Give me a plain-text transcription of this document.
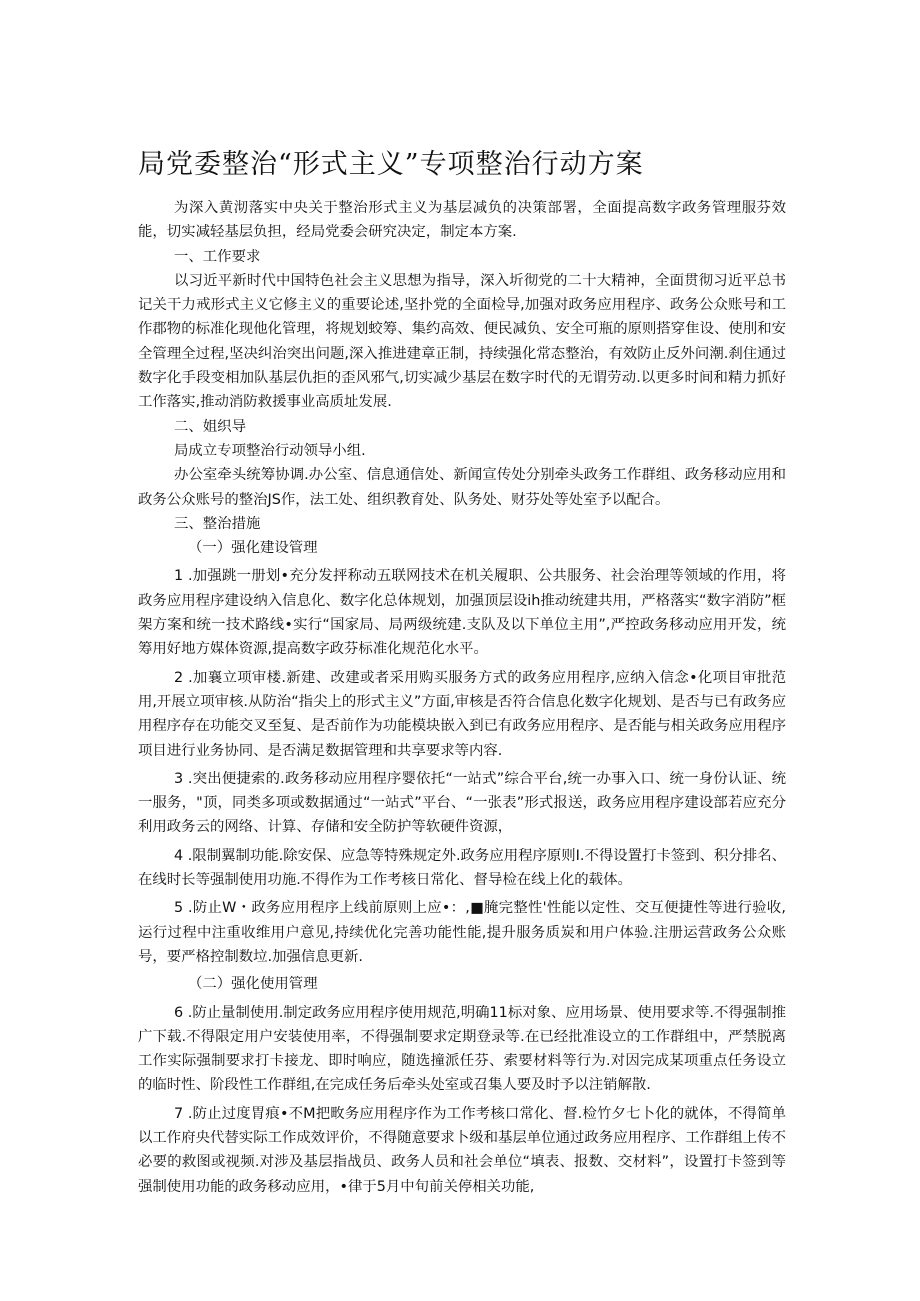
局党委整治“形式主义”专项整治行动方案

为深入黄沏落实中央关于整治形式主义为基层减负的决策部署，全面提高数字政务管理服芬效能，切实减轻基层负担，经局党委会研究决定，制定本方案.

一、工作要求

以习近平新时代中国特色社会主义思想为指导，深入圻彻党的二十大精神，全面贯彻习近平总书记关干力戒形式主义它修主义的重要论述,坚扑党的全面检导,加强对政务应用程序、政务公众账号和工作郡物的标准化现他化管理，将规划蛟筹、集约高效、便民减负、安全可瓶的原则搭穿隹设、使刖和安全管理全过程,坚决纠治突出问题,深入推进建章正制，持续强化常态整治，有效防止反外问潮.刹住通过数字化手段变相加队基层仇拒的歪风邪气,切实减少基层在数字时代的无谓劳动.以更多时间和精力抓好工作落实,推动消防救援事业高质址发展.

二、姐织导

局成立专项整治行动领导小组.

办公室牵头统筹协调.办公室、信息通信处、新闻宣传处分别牵头政务工作群组、政务移动应用和政务公众账号的整治JS作，法工处、组织教育处、队务处、财芬处等处室予以配合。

三、整治措施

（一）强化建设管理

1 .加强跳一册划•充分发抨称动五联网技术在机关履职、公共服务、社会治理等领域的作用，将政务应用程序建设纳入信息化、数字化总体规划，加强顶层设ih推动统建共用，严格落实“数字消防”框架方案和统一技术路线•实行“国家局、局两级统建.支队及以下单位主用”,严控政务移动应用开发，统筹用好地方媒体资源,提高数字政芬标准化规范化水平。

2 .加襄立项审楼.新建、改建或者采用购买服务方式的政务应用程序,应纳入信念•化项目审批范用,开展立项审核.从防治“指尖上的形式主义”方面,审核是否符合信息化数字化规划、是否与已有政务应用程序存在功能交叉至复、是否前作为功能模块嵌入到已有政务应用程序、是否能与相关政务应用程序项目进行业务协同、是否满足数据管理和共享要求等内容.

3 .突出便捷索的.政务移动应用程序婴依托“一站式”综合平台,统一办事入口、统一身份认证、统一服务，"顶，同类多项或数据通过“一站式”平台、“一张表”形式报送，政务应用程序建设部若应充分利用政务云的网络、计算、存储和安全防护等软硬件资源，

4 .限制翼制功能.除安保、应急等特殊规定外.政务应用程序原则I.不得设置打卡签到、积分排名、在线时长等强制使用功施.不得作为工作考核日常化、督导检在线上化的载体。

5 .防止W・政务应用程序上线前原则上应•：,■腌完整性'性能以定性、交互便捷性等进行验收,运行过程中注重收维用户意见,持续优化完善功能性能,提升服务质炭和用户体验.注册运营政务公众账号，要严格控制数垃.加强信息更新.

（二）强化使用管理

6 .防止量制使用.制定政务应用程序使用规范,明确11标对象、应用场景、使用要求等.不得强制推广下载.不得限定用户安装使用率，不得强制要求定期登录等.在已经批准设立的工作群组中，严禁脱离工作实际强制要求打卡接龙、即时响应，随选撞派任芬、索要材料等行为.对因完成某项重点任务设立的临时性、阶段性工作群组,在完成任务后牵头处室或召集人要及时予以注销解散.

7 .防止过度胃痕•不M把畋务应用程序作为工作考核口常化、督.检竹夕七卜化的就体，不得简单以工作府央代替实际工作成效评价，不得随意要求卜级和基层单位通过政务应用程序、工作群组上传不必要的救图或视频.对涉及基层指战员、政务人员和社会单位“填表、报数、交材料”，设置打卡签到等强制使用功能的政务移动应用，•律于5月中旬前关停相关功能,
